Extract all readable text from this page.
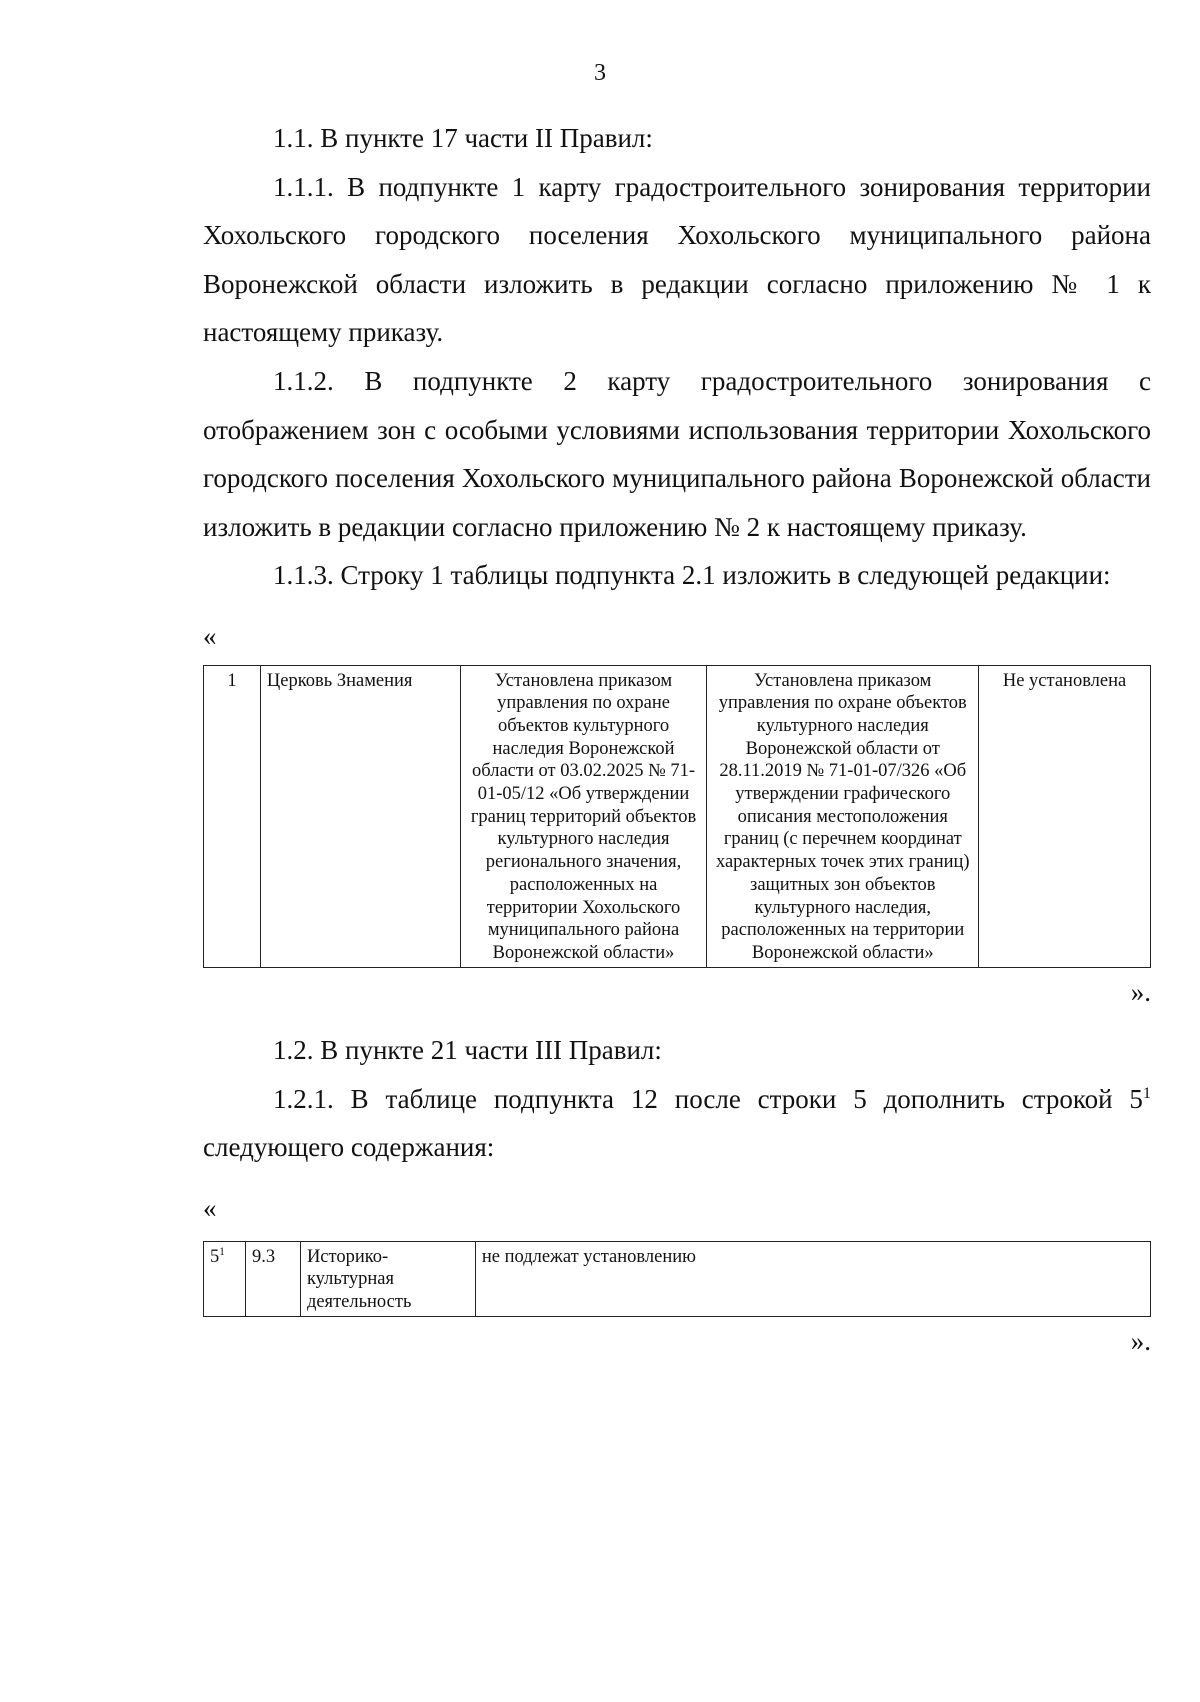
3

1.1. В пункте 17 части II Правил:

1.1.1. В подпункте 1 карту градостроительного зонирования территории Хохольского городского поселения Хохольского муниципального района Воронежской области изложить в редакции согласно приложению № 1 к настоящему приказу.

1.1.2. В подпункте 2 карту градостроительного зонирования с отображением зон с особыми условиями использования территории Хохольского городского поселения Хохольского муниципального района Воронежской области изложить в редакции согласно приложению № 2 к настоящему приказу.

1.1.3. Строку 1 таблицы подпункта 2.1 изложить в следующей редакции:

«

1	Церковь Знамения	Установлена приказом управления по охране объектов культурного наследия Воронежской области от 03.02.2025 № 71-01-05/12 «Об утверждении границ территорий объектов культурного наследия регионального значения, расположенных на территории Хохольского муниципального района Воронежской области»	Установлена приказом управления по охране объектов культурного наследия Воронежской области от 28.11.2019 № 71-01-07/326 «Об утверждении графического описания местоположения границ (с перечнем координат характерных точек этих границ) защитных зон объектов культурного наследия, расположенных на территории Воронежской области»	Не установлена

».

1.2. В пункте 21 части III Правил:

1.2.1. В таблице подпункта 12 после строки 5 дополнить строкой $5^1$ следующего содержания:

«

$5^1$	9.3	Историко-культурная деятельность	не подлежат установлению

».
